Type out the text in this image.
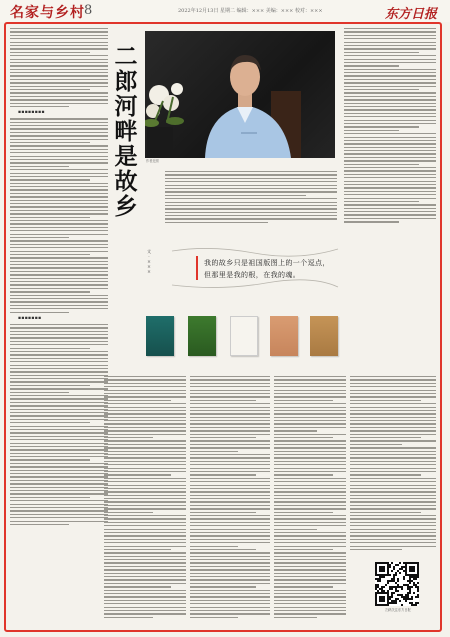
名家与乡村 8	2022年12月13日 星期二 编辑：××× 美编：××× 校对：×××	东方日报
▪▪▪▪▪▪▪▪
▪▪▪▪▪▪▪
作者近照
二
郎
河
畔
是
故
乡
文
·
×
×
×
我的故乡只是祖国版图上的一个逗点，
但那里是我的根，在我的魂。
扫码关注东方日报
